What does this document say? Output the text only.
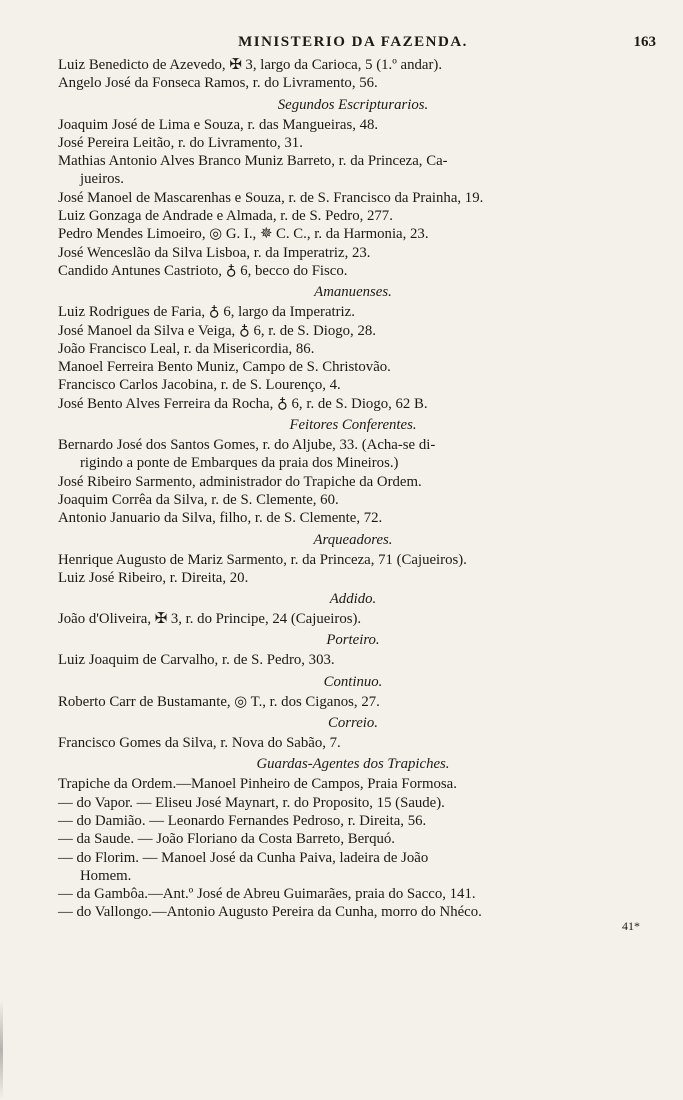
MINISTERIO DA FAZENDA.	163
Luiz Benedicto de Azevedo, ✠ 3, largo da Carioca, 5 (1.º andar).
Angelo José da Fonseca Ramos, r. do Livramento, 56.
Segundos Escripturarios.
Joaquim José de Lima e Souza, r. das Mangueiras, 48.
José Pereira Leitão, r. do Livramento, 31.
Mathias Antonio Alves Branco Muniz Barreto, r. da Princeza, Ca-
jueiros.
José Manoel de Mascarenhas e Souza, r. de S. Francisco da Prainha, 19.
Luiz Gonzaga de Andrade e Almada, r. de S. Pedro, 277.
Pedro Mendes Limoeiro, ◎ G. I., ✵ C. C., r. da Harmonia, 23.
José Wenceslão da Silva Lisboa, r. da Imperatriz, 23.
Candido Antunes Castrioto, ♁ 6, becco do Fisco.
Amanuenses.
Luiz Rodrigues de Faria, ♁ 6, largo da Imperatriz.
José Manoel da Silva e Veiga, ♁ 6, r. de S. Diogo, 28.
João Francisco Leal, r. da Misericordia, 86.
Manoel Ferreira Bento Muniz, Campo de S. Christovão.
Francisco Carlos Jacobina, r. de S. Lourenço, 4.
José Bento Alves Ferreira da Rocha, ♁ 6, r. de S. Diogo, 62 B.
Feitores Conferentes.
Bernardo José dos Santos Gomes, r. do Aljube, 33. (Acha-se di-
rigindo a ponte de Embarques da praia dos Mineiros.)
José Ribeiro Sarmento, administrador do Trapiche da Ordem.
Joaquim Corrêa da Silva, r. de S. Clemente, 60.
Antonio Januario da Silva, filho, r. de S. Clemente, 72.
Arqueadores.
Henrique Augusto de Mariz Sarmento, r. da Princeza, 71 (Cajueiros).
Luiz José Ribeiro, r. Direita, 20.
Addido.
João d'Oliveira, ✠ 3, r. do Principe, 24 (Cajueiros).
Porteiro.
Luiz Joaquim de Carvalho, r. de S. Pedro, 303.
Continuo.
Roberto Carr de Bustamante, ◎ T., r. dos Ciganos, 27.
Correio.
Francisco Gomes da Silva, r. Nova do Sabão, 7.
Guardas-Agentes dos Trapiches.
Trapiche da Ordem.—Manoel Pinheiro de Campos, Praia Formosa.
— do Vapor. — Eliseu José Maynart, r. do Proposito, 15 (Saude).
— do Damião. — Leonardo Fernandes Pedroso, r. Direita, 56.
— da Saude. — João Floriano da Costa Barreto, Berquó.
— do Florim. — Manoel José da Cunha Paiva, ladeira de João
Homem.
— da Gambôa.—Ant.º José de Abreu Guimarães, praia do Sacco, 141.
— do Vallongo.—Antonio Augusto Pereira da Cunha, morro do Nhéco.
41*
